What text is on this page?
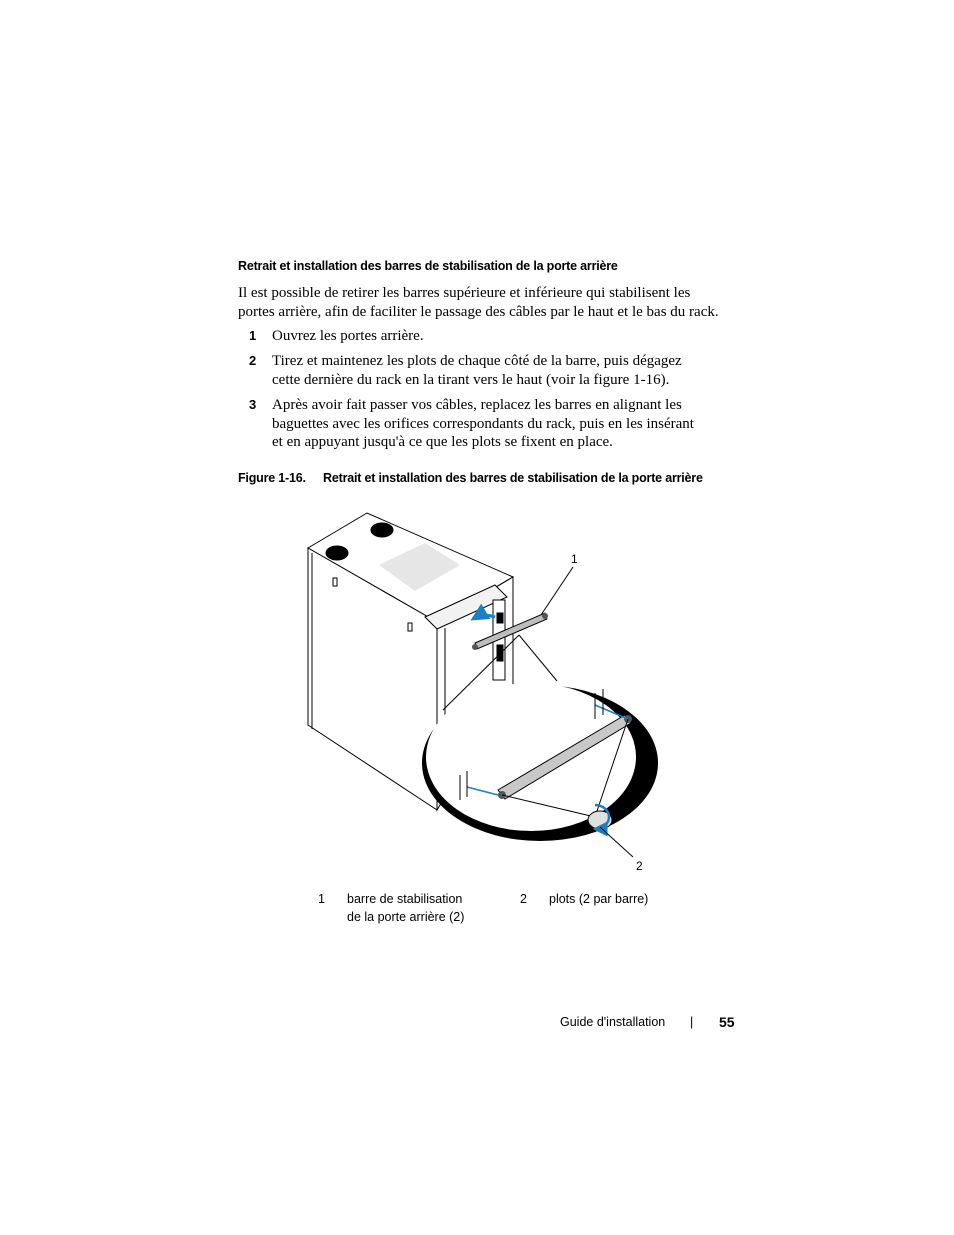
Retrait et installation des barres de stabilisation de la porte arrière
Il est possible de retirer les barres supérieure et inférieure qui stabilisent les
portes arrière, afin de faciliter le passage des câbles par le haut et le bas du rack.
1 Ouvrez les portes arrière.
2 Tirez et maintenez les plots de chaque côté de la barre, puis dégagez
cette dernière du rack en la tirant vers le haut (voir la figure 1-16).
3 Après avoir fait passer vos câbles, replacez les barres en alignant les
baguettes avec les orifices correspondants du rack, puis en les insérant
et en appuyant jusqu'à ce que les plots se fixent en place.
Figure 1-16. Retrait et installation des barres de stabilisation de la porte arrière
1
2
1 barre de stabilisation
de la porte arrière (2)
2 plots (2 par barre)
Guide d'installation | 55
